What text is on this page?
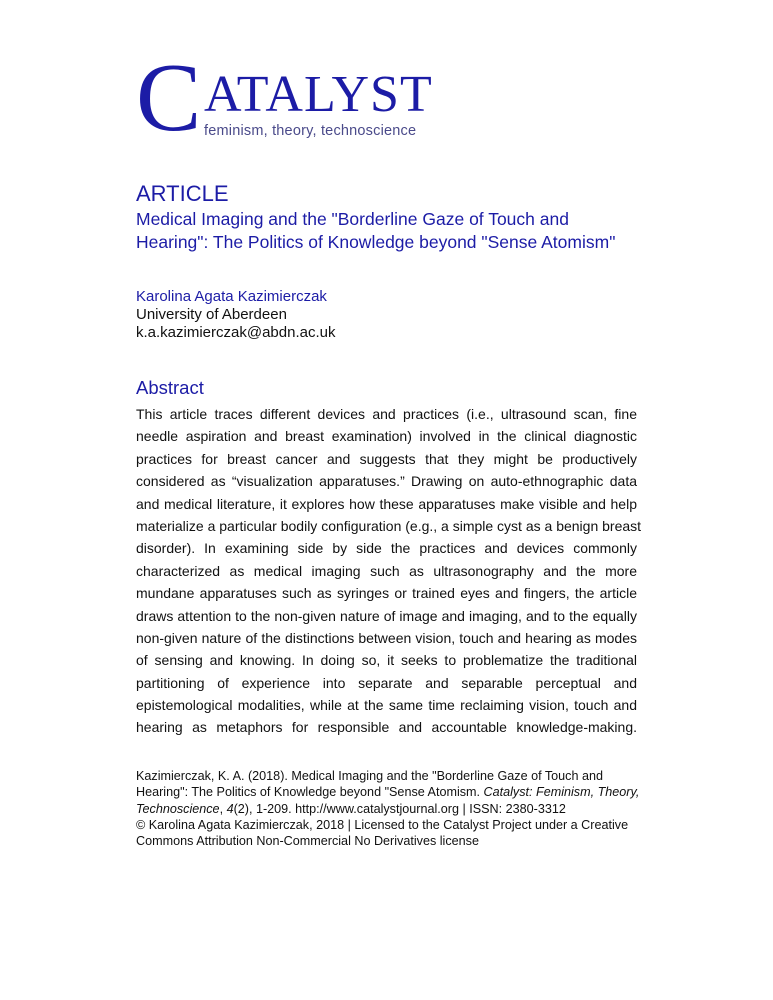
C ATALYST
feminism, theory, technoscience
ARTICLE
Medical Imaging and the "Borderline Gaze of Touch and
Hearing": The Politics of Knowledge beyond "Sense Atomism"
Karolina Agata Kazimierczak
University of Aberdeen
k.a.kazimierczak@abdn.ac.uk
Abstract
This article traces different devices and practices (i.e., ultrasound scan, fine
needle aspiration and breast examination) involved in the clinical diagnostic
practices for breast cancer and suggests that they might be productively
considered as “visualization apparatuses.” Drawing on auto-ethnographic data
and medical literature, it explores how these apparatuses make visible and help
materialize a particular bodily configuration (e.g., a simple cyst as a benign breast
disorder). In examining side by side the practices and devices commonly
characterized as medical imaging such as ultrasonography and the more
mundane apparatuses such as syringes or trained eyes and fingers, the article
draws attention to the non-given nature of image and imaging, and to the equally
non-given nature of the distinctions between vision, touch and hearing as modes
of sensing and knowing. In doing so, it seeks to problematize the traditional
partitioning of experience into separate and separable perceptual and
epistemological modalities, while at the same time reclaiming vision, touch and
hearing as metaphors for responsible and accountable knowledge-making.
Kazimierczak, K. A. (2018). Medical Imaging and the "Borderline Gaze of Touch and Hearing": The Politics of Knowledge beyond "Sense Atomism. Catalyst: Feminism, Theory, Technoscience, 4(2), 1-209. http://www.catalystjournal.org | ISSN: 2380-3312
© Karolina Agata Kazimierczak, 2018 | Licensed to the Catalyst Project under a Creative Commons Attribution Non-Commercial No Derivatives license
